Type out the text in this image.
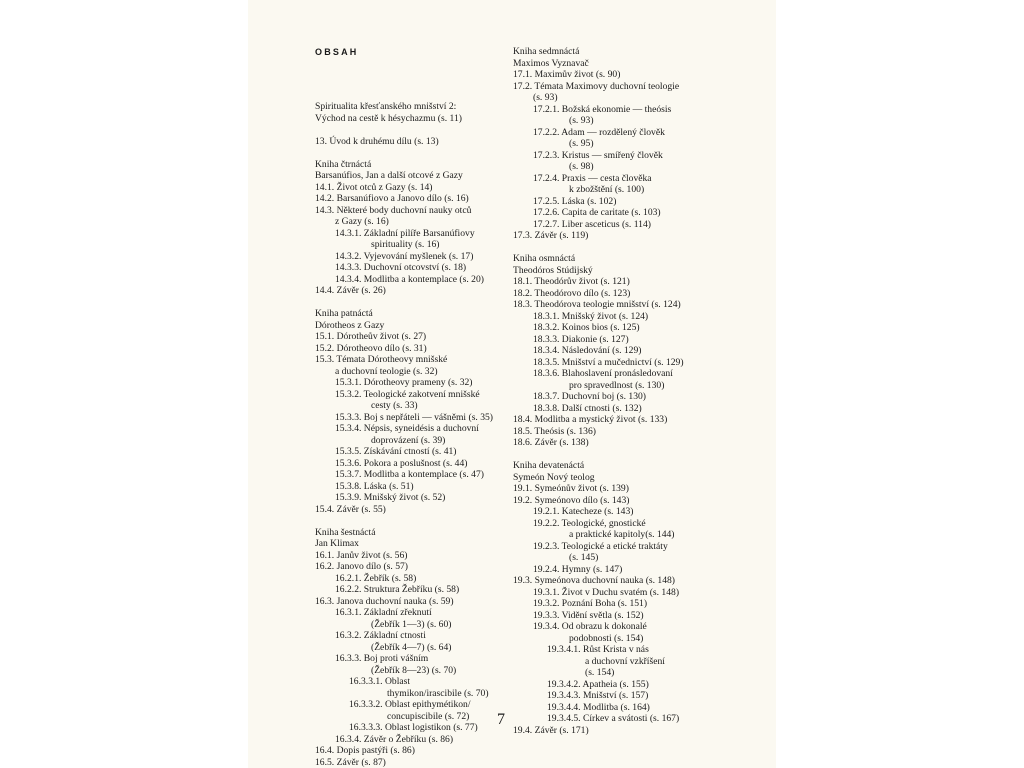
OBSAH
Spiritualita křesťanského mnišství 2:
Východ na cestě k hésychazmu (s. 11)
13. Úvod k druhému dílu (s. 13)
Kniha čtrnáctá
Barsanúfios, Jan a další otcové z Gazy
14.1. Život otců z Gazy (s. 14)
14.2. Barsanúfiovo a Janovo dílo (s. 16)
14.3. Některé body duchovní nauky otců
z Gazy (s. 16)
14.3.1. Základní pilíře Barsanúfiovy
spirituality (s. 16)
14.3.2. Vyjevování myšlenek (s. 17)
14.3.3. Duchovní otcovství (s. 18)
14.3.4. Modlitba a kontemplace (s. 20)
14.4. Závěr (s. 26)
Kniha patnáctá
Dórotheos z Gazy
15.1. Dórotheův život (s. 27)
15.2. Dórotheovo dílo (s. 31)
15.3. Témata Dórotheovy mnišské
a duchovní teologie (s. 32)
15.3.1. Dórotheovy prameny (s. 32)
15.3.2. Teologické zakotvení mnišské
cesty (s. 33)
15.3.3. Boj s nepřáteli — vášněmi (s. 35)
15.3.4. Népsis, syneidésis a duchovní
doprovázení (s. 39)
15.3.5. Získávání ctností (s. 41)
15.3.6. Pokora a poslušnost (s. 44)
15.3.7. Modlitba a kontemplace (s. 47)
15.3.8. Láska (s. 51)
15.3.9. Mnišský život (s. 52)
15.4. Závěr (s. 55)
Kniha šestnáctá
Jan Klimax
16.1. Janův život (s. 56)
16.2. Janovo dílo (s. 57)
16.2.1. Žebřík (s. 58)
16.2.2. Struktura Žebříku (s. 58)
16.3. Janova duchovní nauka (s. 59)
16.3.1. Základní zřeknutí
(Žebřík 1—3) (s. 60)
16.3.2. Základní ctnosti
(Žebřík 4—7) (s. 64)
16.3.3. Boj proti vášním
(Žebřík 8—23) (s. 70)
16.3.3.1. Oblast
thymikon/irascibile (s. 70)
16.3.3.2. Oblast epithymétikon/
concupiscibile (s. 72)
16.3.3.3. Oblast logistikon (s. 77)
16.3.4. Závěr o Žebříku (s. 86)
16.4. Dopis pastýři (s. 86)
16.5. Závěr (s. 87)
Kniha sedmnáctá
Maximos Vyznavač
17.1. Maximův život (s. 90)
17.2. Témata Maximovy duchovní teologie
(s. 93)
17.2.1. Božská ekonomie — theósis
(s. 93)
17.2.2. Adam — rozdělený člověk
(s. 95)
17.2.3. Kristus — smířený člověk
(s. 98)
17.2.4. Praxis — cesta člověka
k zbožštění (s. 100)
17.2.5. Láska (s. 102)
17.2.6. Capita de caritate (s. 103)
17.2.7. Liber asceticus (s. 114)
17.3. Závěr (s. 119)
Kniha osmnáctá
Theodóros Stúdijský
18.1. Theodórův život (s. 121)
18.2. Theodórovo dílo (s. 123)
18.3. Theodórova teologie mnišství (s. 124)
18.3.1. Mnišský život (s. 124)
18.3.2. Koinos bios (s. 125)
18.3.3. Diakonie (s. 127)
18.3.4. Následování (s. 129)
18.3.5. Mnišství a mučednictví (s. 129)
18.3.6. Blahoslavení pronásledovaní
pro spravedlnost (s. 130)
18.3.7. Duchovní boj (s. 130)
18.3.8. Další ctnosti (s. 132)
18.4. Modlitba a mystický život (s. 133)
18.5. Theósis (s. 136)
18.6. Závěr (s. 138)
Kniha devatenáctá
Symeón Nový teolog
19.1. Symeónův život (s. 139)
19.2. Symeónovo dílo (s. 143)
19.2.1. Katecheze (s. 143)
19.2.2. Teologické, gnostické
a praktické kapitoly(s. 144)
19.2.3. Teologické a etické traktáty
(s. 145)
19.2.4. Hymny (s. 147)
19.3. Symeónova duchovní nauka (s. 148)
19.3.1. Život v Duchu svatém (s. 148)
19.3.2. Poznání Boha (s. 151)
19.3.3. Vidění světla (s. 152)
19.3.4. Od obrazu k dokonalé
podobnosti (s. 154)
19.3.4.1. Růst Krista v nás
a duchovní vzkříšení
(s. 154)
19.3.4.2. Apatheia (s. 155)
19.3.4.3. Mnišství (s. 157)
19.3.4.4. Modlitba (s. 164)
19.3.4.5. Církev a svátosti (s. 167)
19.4. Závěr (s. 171)
7
